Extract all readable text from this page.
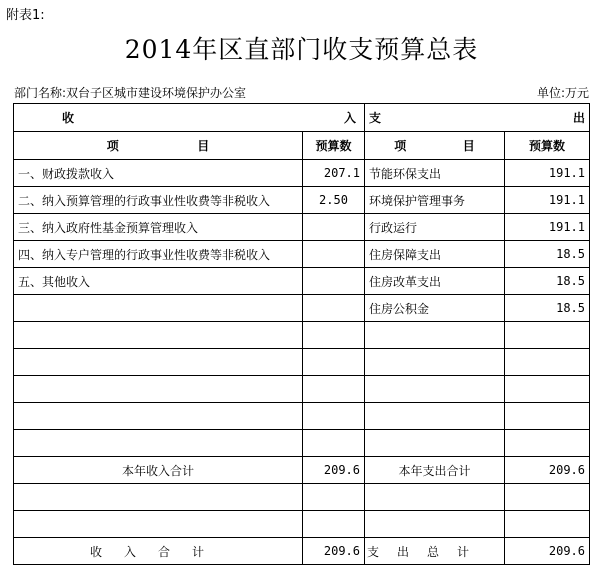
附表1:
2014年区直部门收支预算总表
部门名称:双台子区城市建设环境保护办公室	单位:万元
收 入		支 出	

项 目	预算数	项 目	预算数
一、财政拨款收入	207.1	节能环保支出	191.1
二、纳入预算管理的行政事业性收费等非税收入	2.50	环境保护管理事务	191.1
三、纳入政府性基金预算管理收入		行政运行	191.1
四、纳入专户管理的行政事业性收费等非税收入		住房保障支出	18.5
五、其他收入		住房改革支出	18.5
		住房公积金	18.5

本年收入合计	209.6	本年支出合计	209.6

收入合计	209.6	支出总计	209.6
